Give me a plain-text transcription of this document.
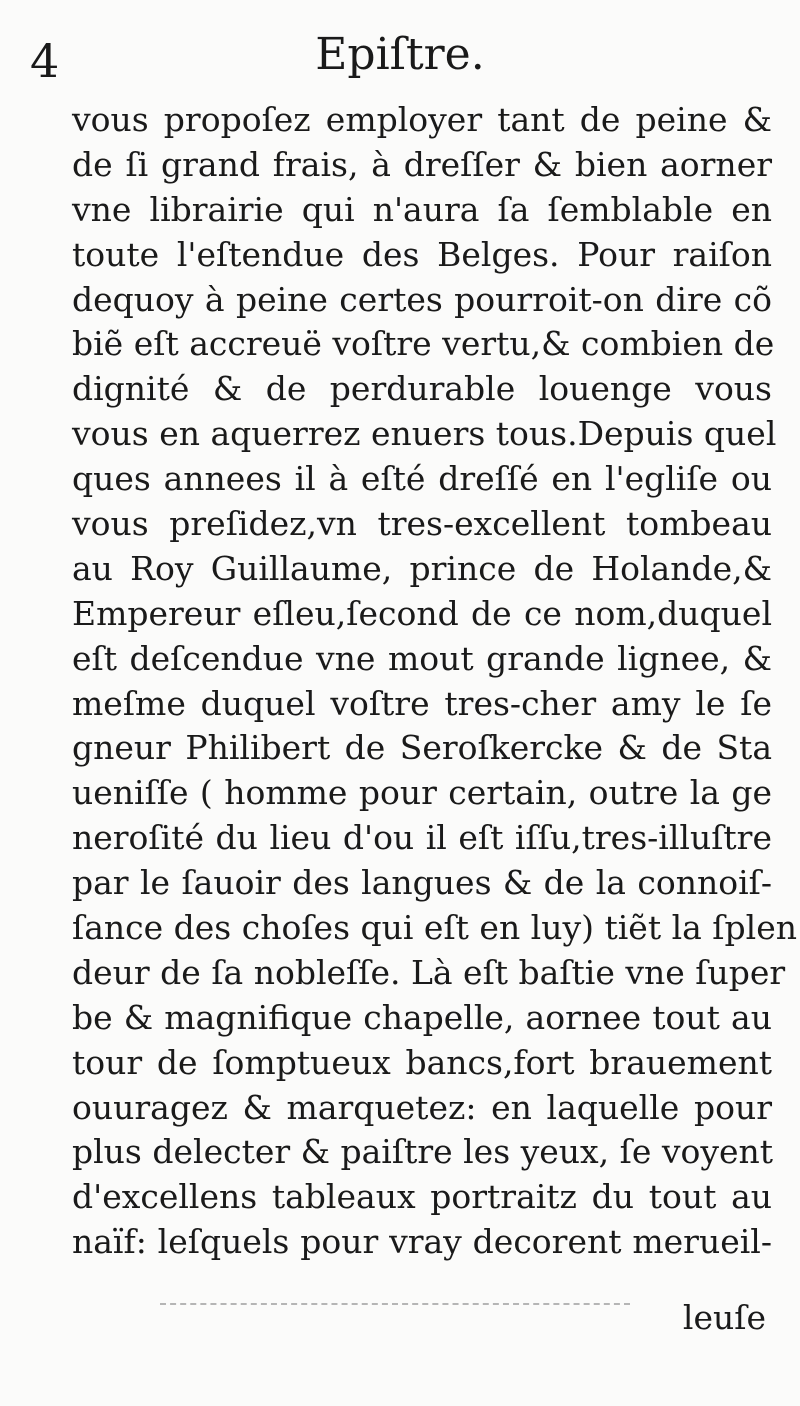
4	Epiſtre.
vous propoſez employer tant de peine &
de ſi grand frais, à dreſſer & bien aorner
vne librairie qui n'aura ſa ſemblable en
toute l'eſtendue des Belges. Pour raiſon
dequoy à peine certes pourroit-on dire cõ
biẽ eſt accreuë voſtre vertu,& combien de
dignité & de perdurable louenge vous
vous en aquerrez enuers tous.Depuis quel
ques annees il à eſté dreſſé en l'egliſe ou
vous preſidez,vn tres-excellent tombeau
au Roy Guillaume, prince de Holande,&
Empereur eſleu,ſecond de ce nom,duquel
eſt deſcendue vne mout grande lignee, &
meſme duquel voſtre tres-cher amy le ſe
gneur Philibert de Seroſkercke & de Sta
ueniſſe ( homme pour certain, outre la ge
neroſité du lieu d'ou il eſt iſſu,tres-illuſtre
par le ſauoir des langues & de la connoiſ-
ſance des choſes qui eſt en luy) tiẽt la ſplen
deur de ſa nobleſſe. Là eſt baſtie vne ſuper
be & magnifique chapelle, aornee tout au
tour de ſomptueux bancs,fort brauement
ouuragez & marquetez: en laquelle pour
plus delecter & paiſtre les yeux, ſe voyent
d'excellens tableaux portraitz du tout au
naïf: leſquels pour vray decorent merueil-
leuſe
